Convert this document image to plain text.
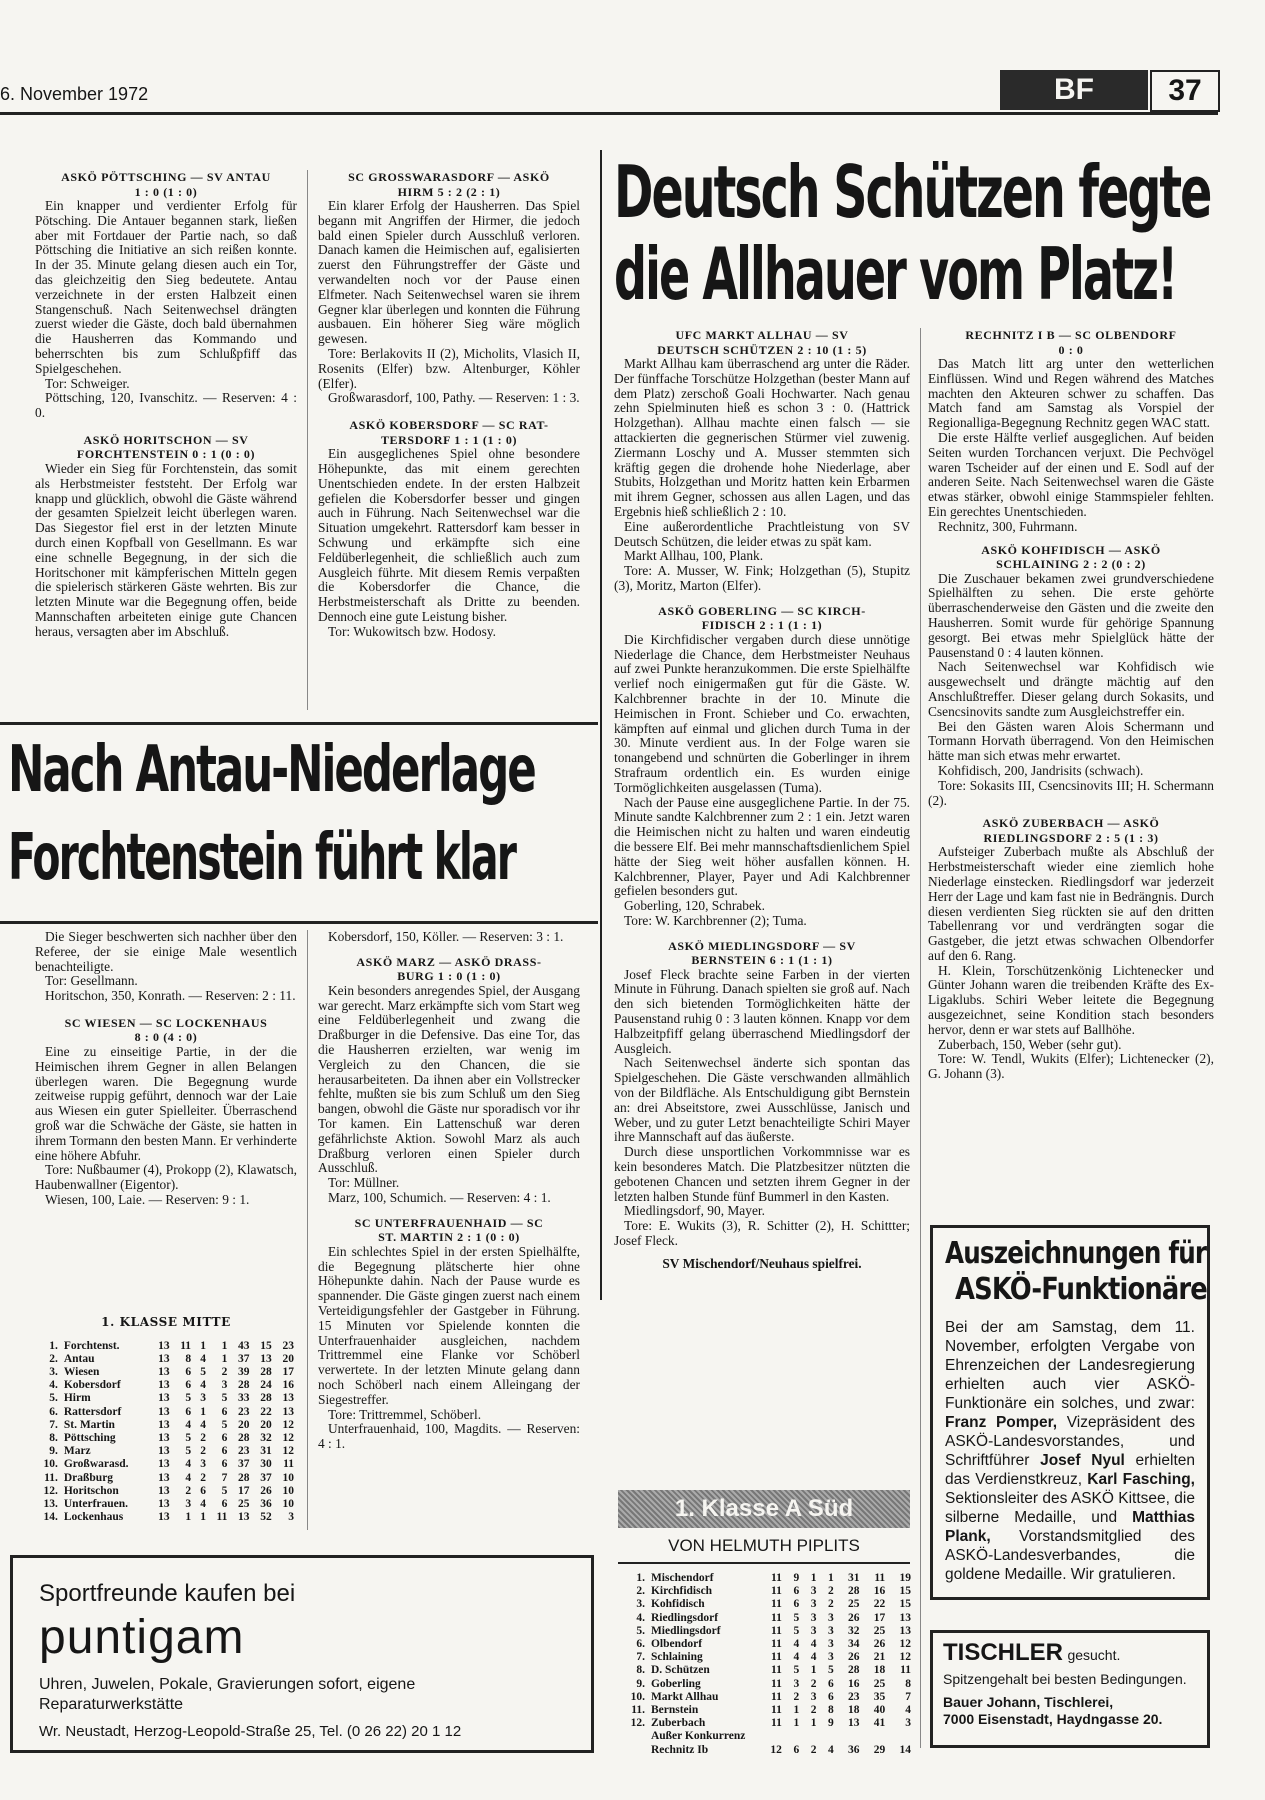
6. November 1972	BF	37
ASKÖ PÖTTSCHING — SV ANTAU
1 : 0 (1 : 0)

Ein knapper und verdienter Erfolg für Pötsching. Die Antauer begannen stark, ließen aber mit Fortdauer der Partie nach, so daß Pöttsching die Initiative an sich reißen konnte. In der 35. Minute gelang diesen auch ein Tor, das gleichzeitig den Sieg bedeutete. Antau verzeichnete in der ersten Halbzeit einen Stangenschuß. Nach Seitenwechsel drängten zuerst wieder die Gäste, doch bald übernahmen die Hausherren das Kommando und beherrschten bis zum Schlußpfiff das Spielgeschehen.

Tor: Schweiger.

Pöttsching, 120, Ivanschitz. — Reserven: 4 : 0.

ASKÖ HORITSCHON — SV
FORCHTENSTEIN 0 : 1 (0 : 0)

Wieder ein Sieg für Forchtenstein, das somit als Herbstmeister feststeht. Der Erfolg war knapp und glücklich, obwohl die Gäste während der gesamten Spielzeit leicht überlegen waren. Das Siegestor fiel erst in der letzten Minute durch einen Kopfball von Gesellmann. Es war eine schnelle Begegnung, in der sich die Horitschoner mit kämpferischen Mitteln gegen die spielerisch stärkeren Gäste wehrten. Bis zur letzten Minute war die Begegnung offen, beide Mannschaften arbeiteten einige gute Chancen heraus, versagten aber im Abschluß.

SC GROSSWARASDORF — ASKÖ
HIRM 5 : 2 (2 : 1)

Ein klarer Erfolg der Hausherren. Das Spiel begann mit Angriffen der Hirmer, die jedoch bald einen Spieler durch Ausschluß verloren. Danach kamen die Heimischen auf, egalisierten zuerst den Führungstreffer der Gäste und verwandelten noch vor der Pause einen Elfmeter. Nach Seitenwechsel waren sie ihrem Gegner klar überlegen und konnten die Führung ausbauen. Ein höherer Sieg wäre möglich gewesen.

Tore: Berlakovits II (2), Micholits, Vlasich II, Rosenits (Elfer) bzw. Altenburger, Köhler (Elfer).

Großwarasdorf, 100, Pathy. — Reserven: 1 : 3.

ASKÖ KOBERSDORF — SC RAT-
TERSDORF 1 : 1 (1 : 0)

Ein ausgeglichenes Spiel ohne besondere Höhepunkte, das mit einem gerechten Unentschieden endete. In der ersten Halbzeit gefielen die Kobersdorfer besser und gingen auch in Führung. Nach Seitenwechsel war die Situation umgekehrt. Rattersdorf kam besser in Schwung und erkämpfte sich eine Feldüberlegenheit, die schließlich auch zum Ausgleich führte. Mit diesem Remis verpaßten die Kobersdorfer die Chance, die Herbstmeisterschaft als Dritte zu beenden. Dennoch eine gute Leistung bisher.

Tor: Wukowitsch bzw. Hodosy.

Nach Antau-Niederlage
Forchtenstein führt klar

Die Sieger beschwerten sich nachher über den Referee, der sie einige Male wesentlich benachteiligte.

Tor: Gesellmann.

Horitschon, 350, Konrath. — Reserven: 2 : 11.

SC WIESEN — SC LOCKENHAUS
8 : 0 (4 : 0)

Eine zu einseitige Partie, in der die Heimischen ihrem Gegner in allen Belangen überlegen waren. Die Begegnung wurde zeitweise ruppig geführt, dennoch war der Laie aus Wiesen ein guter Spielleiter. Überraschend groß war die Schwäche der Gäste, sie hatten in ihrem Tormann den besten Mann. Er verhinderte eine höhere Abfuhr.

Tore: Nußbaumer (4), Prokopp (2), Klawatsch, Haubenwallner (Eigentor).

Wiesen, 100, Laie. — Reserven: 9 : 1.

1. KLASSE MITTE
1.	Forchtenst.	13	11	1	1	43	15	23
2.	Antau	13	8	4	1	37	13	20
3.	Wiesen	13	6	5	2	39	28	17
4.	Kobersdorf	13	6	4	3	28	24	16
5.	Hirm	13	5	3	5	33	28	13
6.	Rattersdorf	13	6	1	6	23	22	13
7.	St. Martin	13	4	4	5	20	20	12
8.	Pöttsching	13	5	2	6	28	32	12
9.	Marz	13	5	2	6	23	31	12
10.	Großwarasd.	13	4	3	6	37	30	11
11.	Draßburg	13	4	2	7	28	37	10
12.	Horitschon	13	2	6	5	17	26	10
13.	Unterfrauen.	13	3	4	6	25	36	10
14.	Lockenhaus	13	1	1	11	13	52	3

Kobersdorf, 150, Köller. — Reserven: 3 : 1.

ASKÖ MARZ — ASKÖ DRASS-
BURG 1 : 0 (1 : 0)

Kein besonders anregendes Spiel, der Ausgang war gerecht. Marz erkämpfte sich vom Start weg eine Feldüberlegenheit und zwang die Draßburger in die Defensive. Das eine Tor, das die Hausherren erzielten, war wenig im Vergleich zu den Chancen, die sie herausarbeiteten. Da ihnen aber ein Vollstrecker fehlte, mußten sie bis zum Schluß um den Sieg bangen, obwohl die Gäste nur sporadisch vor ihr Tor kamen. Ein Lattenschuß war deren gefährlichste Aktion. Sowohl Marz als auch Draßburg verloren einen Spieler durch Ausschluß.

Tor: Müllner.

Marz, 100, Schumich. — Reserven: 4 : 1.

SC UNTERFRAUENHAID — SC
ST. MARTIN 2 : 1 (0 : 0)

Ein schlechtes Spiel in der ersten Spielhälfte, die Begegnung plätscherte hier ohne Höhepunkte dahin. Nach der Pause wurde es spannender. Die Gäste gingen zuerst nach einem Verteidigungsfehler der Gastgeber in Führung. 15 Minuten vor Spielende konnten die Unterfrauenhaider ausgleichen, nachdem Trittremmel eine Flanke vor Schöberl verwertete. In der letzten Minute gelang dann noch Schöberl nach einem Alleingang der Siegestreffer.

Tore: Trittremmel, Schöberl.

Unterfrauenhaid, 100, Magdits. — Reserven: 4 : 1.

Sportfreunde kaufen bei
puntigam
Uhren, Juwelen, Pokale, Gravierungen sofort, eigene Reparaturwerkstätte
Wr. Neustadt, Herzog-Leopold-Straße 25, Tel. (0 26 22) 20 1 12
Deutsch Schützen fegte
die Allhauer vom Platz!
UFC MARKT ALLHAU — SV
DEUTSCH SCHÜTZEN 2 : 10 (1 : 5)

Markt Allhau kam überraschend arg unter die Räder. Der fünffache Torschütze Holzgethan (bester Mann auf dem Platz) zerschoß Goali Hochwarter. Nach genau zehn Spielminuten hieß es schon 3 : 0. (Hattrick Holzgethan). Allhau machte einen falsch — sie attackierten die gegnerischen Stürmer viel zuwenig. Ziermann Loschy und A. Musser stemmten sich kräftig gegen die drohende hohe Niederlage, aber Stubits, Holzgethan und Moritz hatten kein Erbarmen mit ihrem Gegner, schossen aus allen Lagen, und das Ergebnis hieß schließlich 2 : 10.

Eine außerordentliche Prachtleistung von SV Deutsch Schützen, die leider etwas zu spät kam.

Markt Allhau, 100, Plank.

Tore: A. Musser, W. Fink; Holzgethan (5), Stupitz (3), Moritz, Marton (Elfer).

ASKÖ GOBERLING — SC KIRCH-
FIDISCH 2 : 1 (1 : 1)

Die Kirchfidischer vergaben durch diese unnötige Niederlage die Chance, dem Herbstmeister Neuhaus auf zwei Punkte heranzukommen. Die erste Spielhälfte verlief noch einigermaßen gut für die Gäste. W. Kalchbrenner brachte in der 10. Minute die Heimischen in Front. Schieber und Co. erwachten, kämpften auf einmal und glichen durch Tuma in der 30. Minute verdient aus. In der Folge waren sie tonangebend und schnürten die Goberlinger in ihrem Strafraum ordentlich ein. Es wurden einige Tormöglichkeiten ausgelassen (Tuma).

Nach der Pause eine ausgeglichene Partie. In der 75. Minute sandte Kalchbrenner zum 2 : 1 ein. Jetzt waren die Heimischen nicht zu halten und waren eindeutig die bessere Elf. Bei mehr mannschaftsdienlichem Spiel hätte der Sieg weit höher ausfallen können. H. Kalchbrenner, Player, Payer und Adi Kalchbrenner gefielen besonders gut.

Goberling, 120, Schrabek.

Tore: W. Karchbrenner (2); Tuma.

ASKÖ MIEDLINGSDORF — SV
BERNSTEIN 6 : 1 (1 : 1)

Josef Fleck brachte seine Farben in der vierten Minute in Führung. Danach spielten sie groß auf. Nach den sich bietenden Tormöglichkeiten hätte der Pausenstand ruhig 0 : 3 lauten können. Knapp vor dem Halbzeitpfiff gelang überraschend Miedlingsdorf der Ausgleich.

Nach Seitenwechsel änderte sich spontan das Spielgeschehen. Die Gäste verschwanden allmählich von der Bildfläche. Als Entschuldigung gibt Bernstein an: drei Abseitstore, zwei Ausschlüsse, Janisch und Weber, und zu guter Letzt benachteiligte Schiri Mayer ihre Mannschaft auf das äußerste.

Durch diese unsportlichen Vorkommnisse war es kein besonderes Match. Die Platzbesitzer nützten die gebotenen Chancen und setzten ihrem Gegner in der letzten halben Stunde fünf Bummerl in den Kasten.

Miedlingsdorf, 90, Mayer.

Tore: E. Wukits (3), R. Schitter (2), H. Schittter; Josef Fleck.

SV Mischendorf/Neuhaus spielfrei.

1. Klasse A Süd
VON HELMUTH PIPLITS
1.	Mischendorf	11	9	1	1	31	11	19
2.	Kirchfidisch	11	6	3	2	28	16	15
3.	Kohfidisch	11	6	3	2	25	22	15
4.	Riedlingsdorf	11	5	3	3	26	17	13
5.	Miedlingsdorf	11	5	3	3	32	25	13
6.	Olbendorf	11	4	4	3	34	26	12
7.	Schlaining	11	4	4	3	26	21	12
8.	D. Schützen	11	5	1	5	28	18	11
9.	Goberling	11	3	2	6	16	25	8
10.	Markt Allhau	11	2	3	6	23	35	7
11.	Bernstein	11	1	2	8	18	40	4
12.	Zuberbach	11	1	1	9	13	41	3
	Außer Konkurrenz							
	Rechnitz Ib	12	6	2	4	36	29	14
RECHNITZ I B — SC OLBENDORF
0 : 0

Das Match litt arg unter den wetterlichen Einflüssen. Wind und Regen während des Matches machten den Akteuren schwer zu schaffen. Das Match fand am Samstag als Vorspiel der Regionalliga-Begegnung Rechnitz gegen WAC statt.

Die erste Hälfte verlief ausgeglichen. Auf beiden Seiten wurden Torchancen verjuxt. Die Pechvögel waren Tscheider auf der einen und E. Sodl auf der anderen Seite. Nach Seitenwechsel waren die Gäste etwas stärker, obwohl einige Stammspieler fehlten. Ein gerechtes Unentschieden.

Rechnitz, 300, Fuhrmann.

ASKÖ KOHFIDISCH — ASKÖ
SCHLAINING 2 : 2 (0 : 2)

Die Zuschauer bekamen zwei grundverschiedene Spielhälften zu sehen. Die erste gehörte überraschenderweise den Gästen und die zweite den Hausherren. Somit wurde für gehörige Spannung gesorgt. Bei etwas mehr Spielglück hätte der Pausenstand 0 : 4 lauten können.

Nach Seitenwechsel war Kohfidisch wie ausgewechselt und drängte mächtig auf den Anschlußtreffer. Dieser gelang durch Sokasits, und Csencsinovits sandte zum Ausgleichstreffer ein.

Bei den Gästen waren Alois Schermann und Tormann Horvath überragend. Von den Heimischen hätte man sich etwas mehr erwartet.

Kohfidisch, 200, Jandrisits (schwach).

Tore: Sokasits III, Csencsinovits III; H. Schermann (2).

ASKÖ ZUBERBACH — ASKÖ
RIEDLINGSDORF 2 : 5 (1 : 3)

Aufsteiger Zuberbach mußte als Abschluß der Herbstmeisterschaft wieder eine ziemlich hohe Niederlage einstecken. Riedlingsdorf war jederzeit Herr der Lage und kam fast nie in Bedrängnis. Durch diesen verdienten Sieg rückten sie auf den dritten Tabellenrang vor und verdrängten sogar die Gastgeber, die jetzt etwas schwachen Olbendorfer auf den 6. Rang.

H. Klein, Torschützenkönig Lichtenecker und Günter Johann waren die treibenden Kräfte des Ex-Ligaklubs. Schiri Weber leitete die Begegnung ausgezeichnet, seine Kondition stach besonders hervor, denn er war stets auf Ballhöhe.

Zuberbach, 150, Weber (sehr gut).

Tore: W. Tendl, Wukits (Elfer); Lichtenecker (2), G. Johann (3).

Auszeichnungen für
ASKÖ-Funktionäre
Bei der am Samstag, dem 11. November, erfolgten Vergabe von Ehrenzeichen der Landesregierung erhielten auch vier ASKÖ-Funktionäre ein solches, und zwar: Franz Pomper, Vizepräsident des ASKÖ-Landesvorstandes, und Schriftführer Josef Nyul erhielten das Verdienstkreuz, Karl Fasching, Sektionsleiter des ASKÖ Kittsee, die silberne Medaille, und Matthias Plank, Vorstandsmitglied des ASKÖ-Landesverbandes, die goldene Medaille. Wir gratulieren.
TISCHLER gesucht.
Spitzengehalt bei besten Bedingungen.
Bauer Johann, Tischlerei,
7000 Eisenstadt, Haydngasse 20.
